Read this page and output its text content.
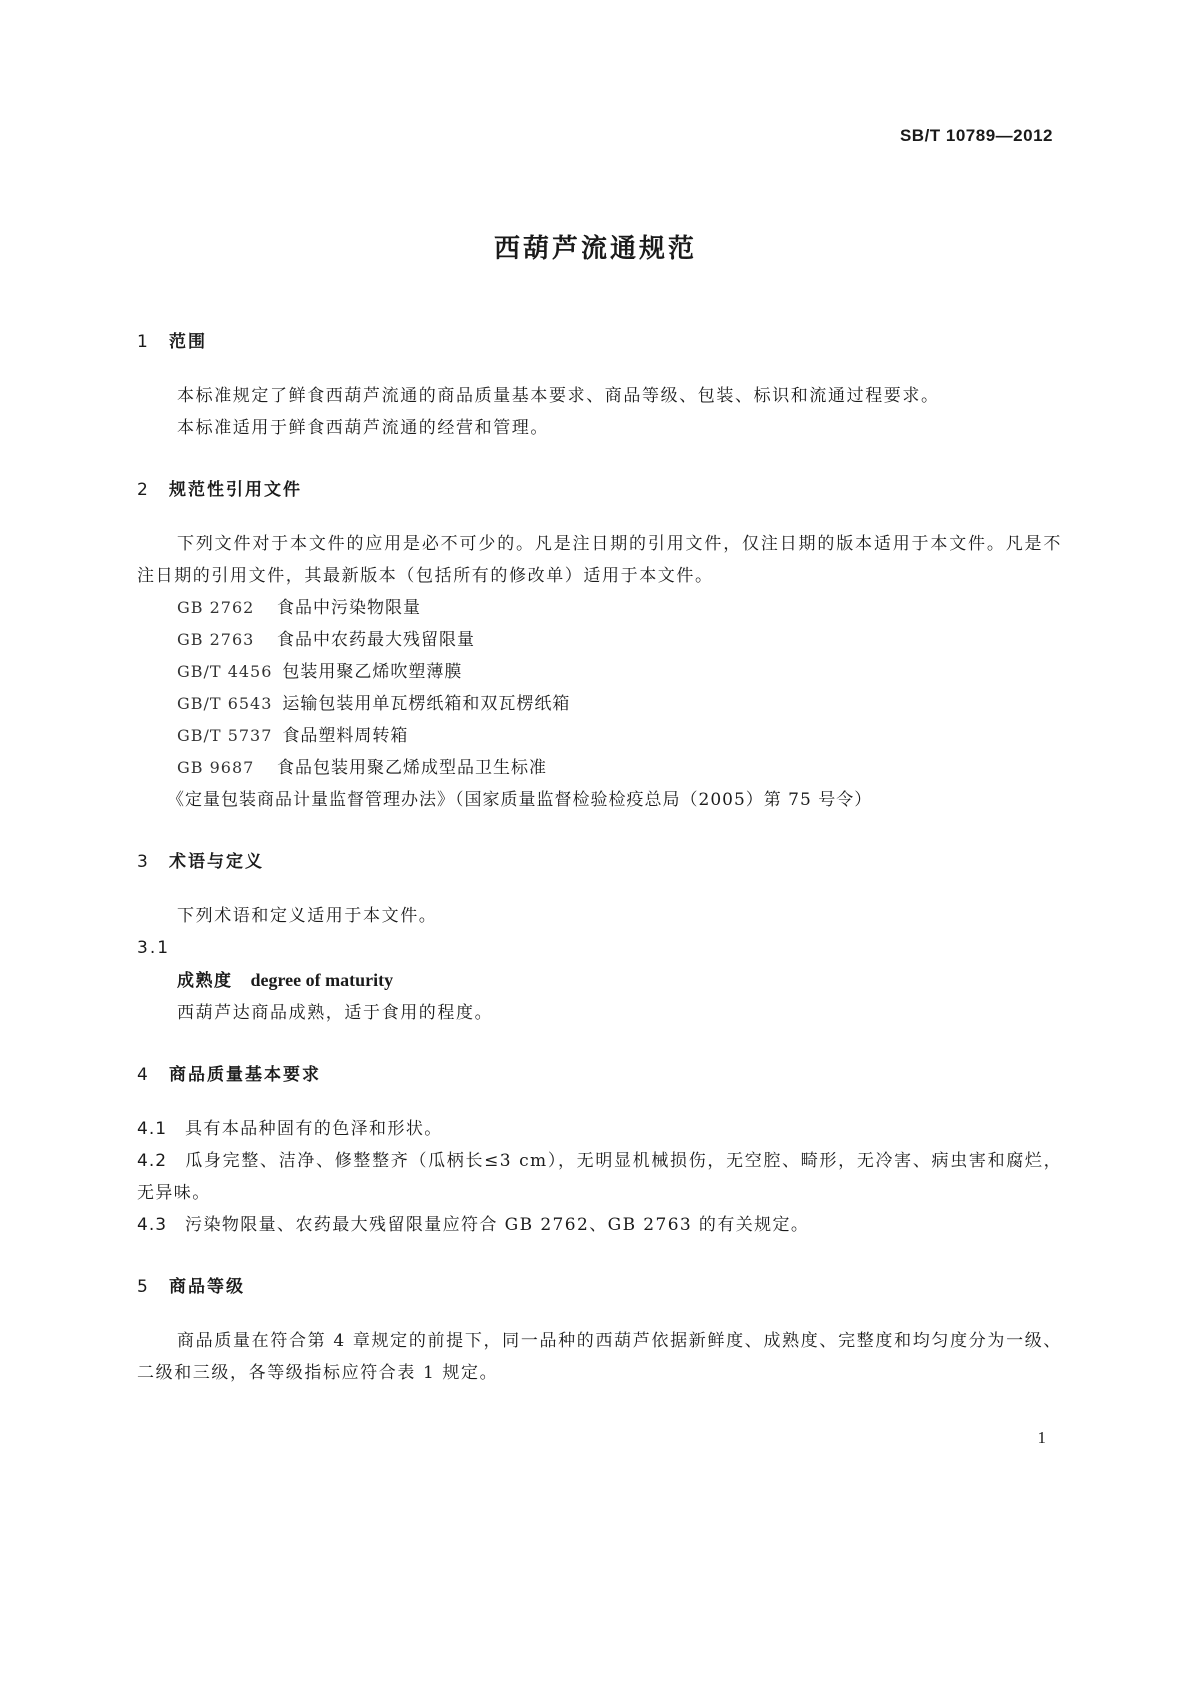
SB/T 10789—2012
西葫芦流通规范
1 范围
本标准规定了鲜食西葫芦流通的商品质量基本要求、商品等级、包装、标识和流通过程要求。
本标准适用于鲜食西葫芦流通的经营和管理。
2 规范性引用文件
下列文件对于本文件的应用是必不可少的。凡是注日期的引用文件，仅注日期的版本适用于本文件。凡是不注日期的引用文件，其最新版本（包括所有的修改单）适用于本文件。
GB 2762 食品中污染物限量
GB 2763 食品中农药最大残留限量
GB/T 4456 包装用聚乙烯吹塑薄膜
GB/T 6543 运输包装用单瓦楞纸箱和双瓦楞纸箱
GB/T 5737 食品塑料周转箱
GB 9687 食品包装用聚乙烯成型品卫生标准
《定量包装商品计量监督管理办法》（国家质量监督检验检疫总局（2005）第 75 号令）
3 术语与定义
下列术语和定义适用于本文件。
3.1
成熟度 degree of maturity
西葫芦达商品成熟，适于食用的程度。
4 商品质量基本要求
4.1 具有本品种固有的色泽和形状。
4.2 瓜身完整、洁净、修整整齐（瓜柄长≤3 cm），无明显机械损伤，无空腔、畸形，无冷害、病虫害和腐烂，无异味。
4.3 污染物限量、农药最大残留限量应符合 GB 2762、GB 2763 的有关规定。
5 商品等级
商品质量在符合第 4 章规定的前提下，同一品种的西葫芦依据新鲜度、成熟度、完整度和均匀度分为一级、二级和三级，各等级指标应符合表 1 规定。
1
